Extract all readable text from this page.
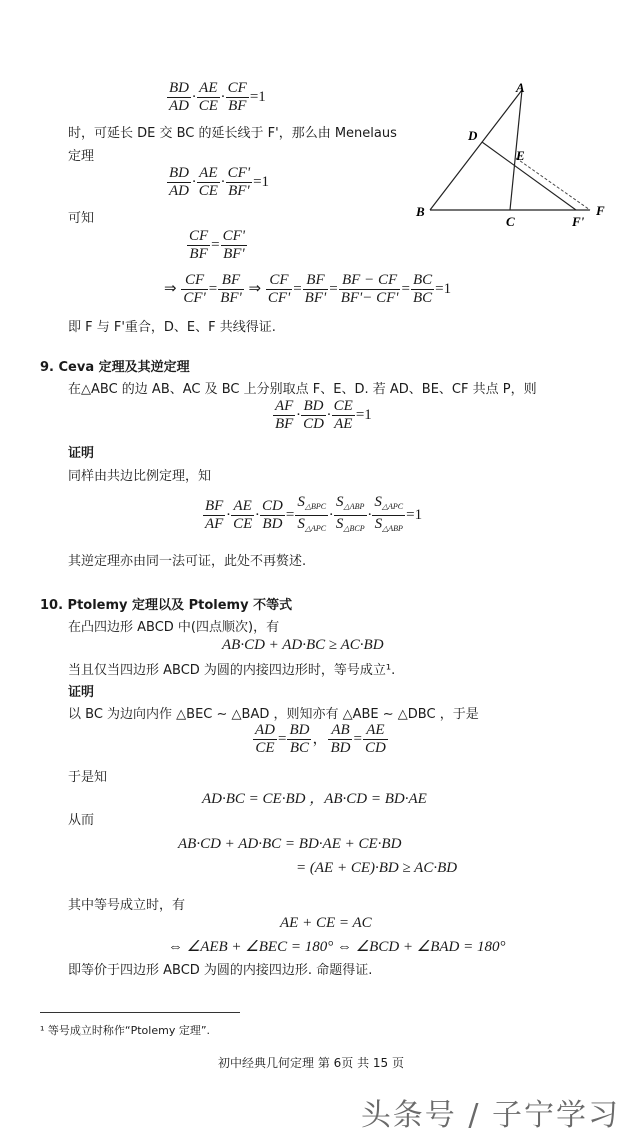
$\frac{BD}{AD} \cdot \frac{AE}{CE} \cdot \frac{CF}{BF} =1$
时，可延长 DE 交 BC 的延长线于 F'，那么由 Menelaus
定理
$\frac{BD}{AD} \cdot \frac{AE}{CE} \cdot \frac{CF'}{BF'} =1$
可知
$\frac{CF}{BF} = \frac{CF'}{BF'}$
⇒ $\frac{CF}{CF'} = \frac{BF}{BF'}$ ⇒ $\frac{CF}{CF'} = \frac{BF}{BF'} = \frac{BF - CF}{BF'- CF'} = \frac{BC}{BC} =1$
即 F 与 F'重合，D、E、F 共线得证.
A
D
E
B
C	F'
F
9. Ceva 定理及其逆定理
在△ABC 的边 AB、AC 及 BC 上分别取点 F、E、D. 若 AD、BE、CF 共点 P，则
$\frac{AF}{BF} \cdot \frac{BD}{CD} \cdot \frac{CE}{AE} =1$
证明
同样由共边比例定理，知
$\frac{BF}{AF} \cdot \frac{AE}{CE} \cdot \frac{CD}{BD} = \frac{S_{\triangle BPC}}{S_{\triangle APC}} \cdot \frac{S_{\triangle ABP}}{S_{\triangle BCP}} \cdot \frac{S_{\triangle APC}}{S_{\triangle ABP}} =1$
其逆定理亦由同一法可证，此处不再赘述.
10. Ptolemy 定理以及 Ptolemy 不等式
在凸四边形 ABCD 中(四点顺次)，有
AB·CD + AD·BC ≥ AC·BD
当且仅当四边形 ABCD 为圆的内接四边形时，等号成立¹.
证明
以 BC 为边向内作 △BEC ∼ △BAD ，则知亦有 △ABE ∼ △DBC ，于是
$\frac{AD}{CE} = \frac{BD}{BC}$ ， $\frac{AB}{BD} = \frac{AE}{CD}$
于是知
AD·BC = CE·BD ，AB·CD = BD·AE
从而
AB·CD + AD·BC = BD·AE + CE·BD
= (AE + CE)·BD ≥ AC·BD
其中等号成立时，有
AE + CE = AC
⇔ ∠AEB + ∠BEC = 180° ⇔ ∠BCD + ∠BAD = 180°
即等价于四边形 ABCD 为圆的内接四边形. 命题得证.
¹ 等号成立时称作“Ptolemy 定理”.
初中经典几何定理 第 6页 共 15 页
头条号 / 子宁学习
